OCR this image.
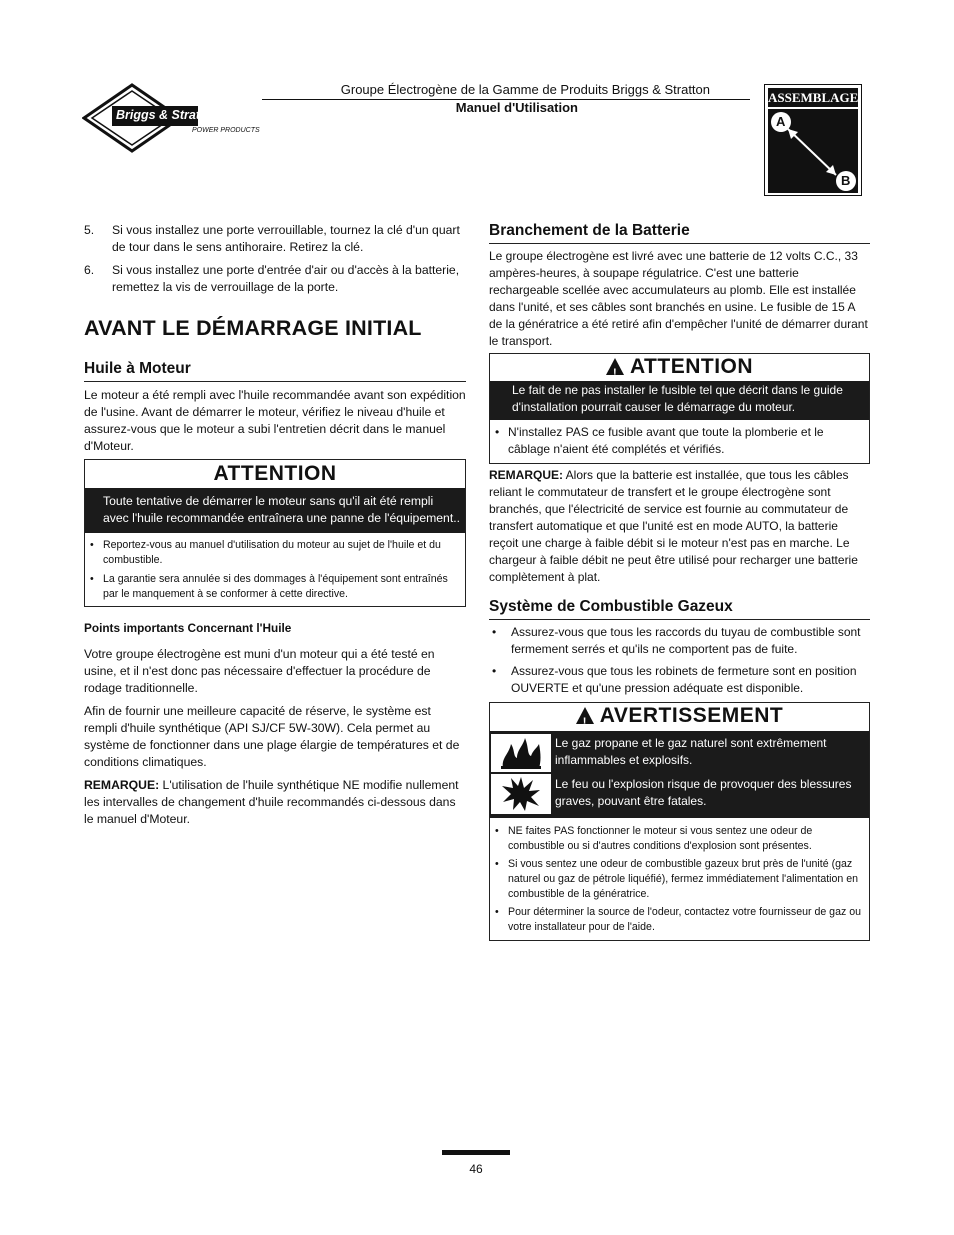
Briggs & Stratton
POWER PRODUCTS
Groupe Électrogène de la Gamme de Produits Briggs & Stratton
Manuel d'Utilisation
ASSEMBLAGE
A
B
5. Si vous installez une porte verrouillable, tournez la clé d'un quart de tour dans le sens antihoraire. Retirez la clé.
6. Si vous installez une porte d'entrée d'air ou d'accès à la batterie, remettez la vis de verrouillage de la porte.
AVANT LE DÉMARRAGE INITIAL
Huile à Moteur

Le moteur a été rempli avec l'huile recommandée avant son expédition de l'usine. Avant de démarrer le moteur, vérifiez le niveau d'huile et assurez-vous que le moteur a subi l'entretien décrit dans le manuel d'Moteur.

ATTENTION
Toute tentative de démarrer le moteur sans qu'il ait été rempli avec l'huile recommandée entraînera une panne de l'équipement..
• Reportez-vous au manuel d'utilisation du moteur au sujet de l'huile et du combustible.
• La garantie sera annulée si des dommages à l'équipement sont entraînés par le manquement à se conformer à cette directive.
Points importants Concernant l'Huile

Votre groupe électrogène est muni d'un moteur qui a été testé en usine, et il n'est donc pas nécessaire d'effectuer la procédure de rodage traditionnelle.

Afin de fournir une meilleure capacité de réserve, le système est rempli d'huile synthétique (API SJ/CF 5W-30W). Cela permet au système de fonctionner dans une plage élargie de températures et de conditions climatiques.

REMARQUE: L'utilisation de l'huile synthétique NE modifie nullement les intervalles de changement d'huile recommandés ci-dessous dans le manuel d'Moteur.

Branchement de la Batterie

Le groupe électrogène est livré avec une batterie de 12 volts C.C., 33 ampères-heures, à soupape régulatrice. C'est une batterie rechargeable scellée avec accumulateurs au plomb. Elle est installée dans l'unité, et ses câbles sont branchés en usine. Le fusible de 15 A de la génératrice a été retiré afin d'empêcher l'unité de démarrer durant le transport.

!ATTENTION
Le fait de ne pas installer le fusible tel que décrit dans le guide d'installation pourrait causer le démarrage du moteur.
• N'installez PAS ce fusible avant que toute la plomberie et le câblage n'aient été complétés et vérifiés.

REMARQUE: Alors que la batterie est installée, que tous les câbles reliant le commutateur de transfert et le groupe électrogène sont branchés, que l'électricité de service est fournie au commutateur de transfert automatique et que l'unité est en mode AUTO, la batterie reçoit une charge à faible débit si le moteur n'est pas en marche. Le chargeur à faible débit ne peut être utilisé pour recharger une batterie complètement à plat.

Système de Combustible Gazeux
• Assurez-vous que tous les raccords du tuyau de combustible sont fermement serrés et qu'ils ne comportent pas de fuite.
• Assurez-vous que tous les robinets de fermeture sont en position OUVERTE et qu'une pression adéquate est disponible.
!AVERTISSEMENT
Le gaz propane et le gaz naturel sont extrêmement inflammables et explosifs.
Le feu ou l'explosion risque de provoquer des blessures graves, pouvant être fatales.
• NE faites PAS fonctionner le moteur si vous sentez une odeur de combustible ou si d'autres conditions d'explosion sont présentes.
• Si vous sentez une odeur de combustible gazeux brut près de l'unité (gaz naturel ou gaz de pétrole liquéfié), fermez immédiatement l'alimentation en combustible de la génératrice.
• Pour déterminer la source de l'odeur, contactez votre fournisseur de gaz ou votre installateur pour de l'aide.
46
